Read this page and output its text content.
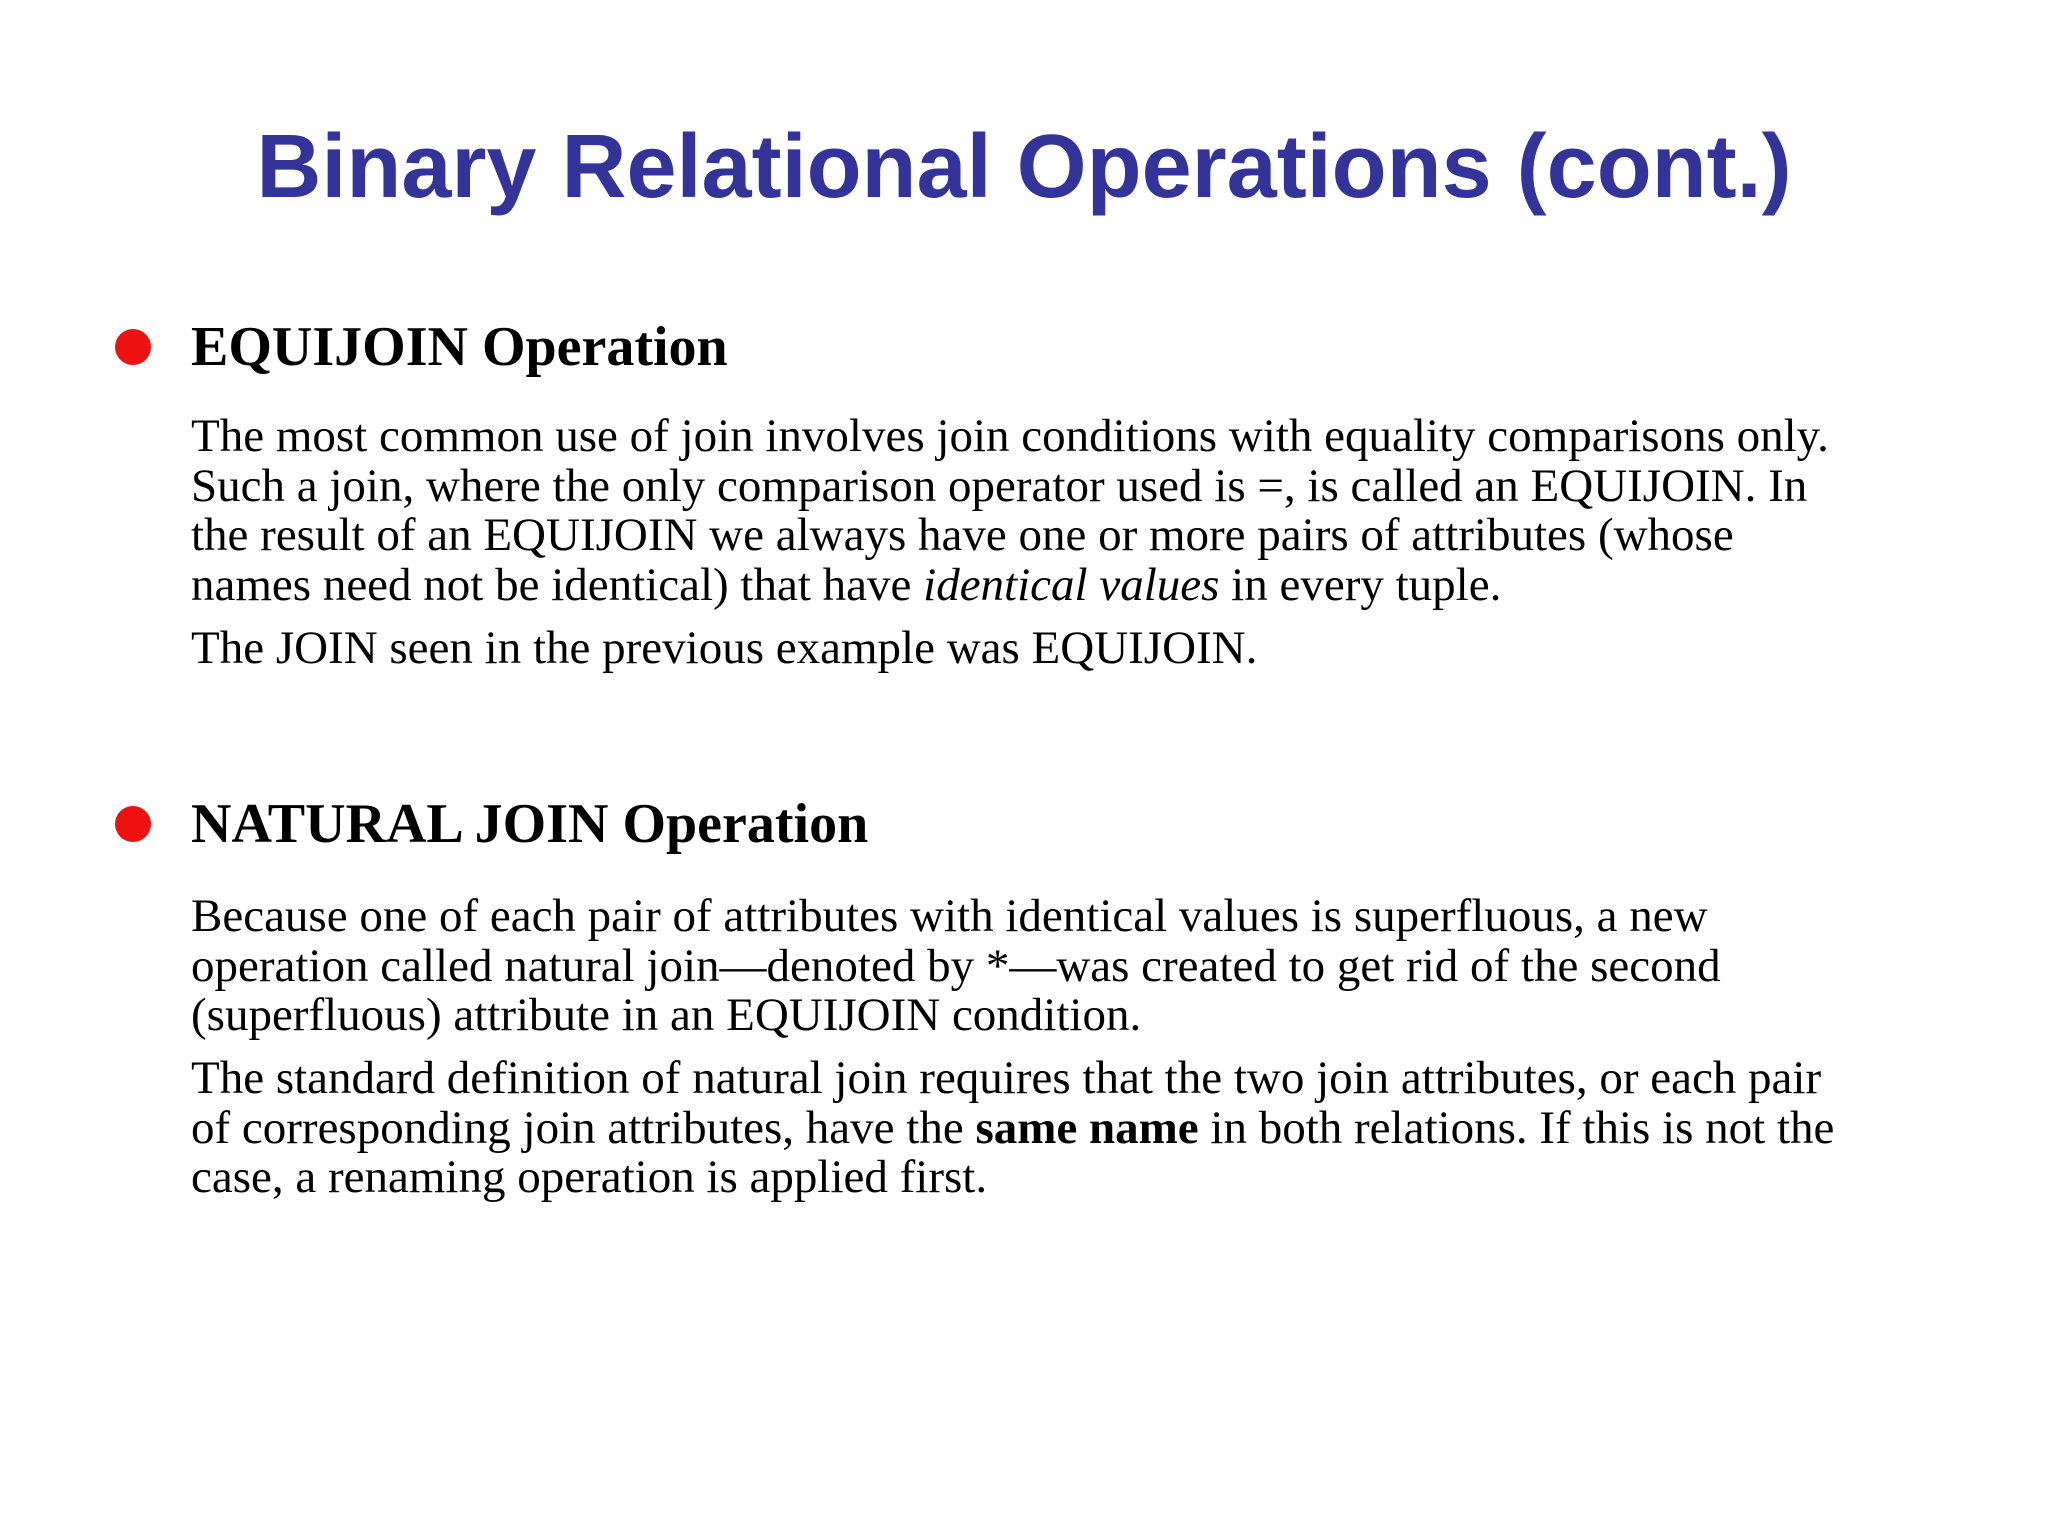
Binary Relational Operations (cont.)
EQUIJOIN Operation

The most common use of join involves join conditions with equality comparisons only.
Such a join, where the only comparison operator used is =, is called an EQUIJOIN. In
the result of an EQUIJOIN we always have one or more pairs of attributes (whose
names need not be identical) that have identical values in every tuple.

The JOIN seen in the previous example was EQUIJOIN.

NATURAL JOIN Operation

Because one of each pair of attributes with identical values is superfluous, a new
operation called natural join—denoted by *—was created to get rid of the second
(superfluous) attribute in an EQUIJOIN condition.

The standard definition of natural join requires that the two join attributes, or each pair
of corresponding join attributes, have the same name in both relations. If this is not the
case, a renaming operation is applied first.
